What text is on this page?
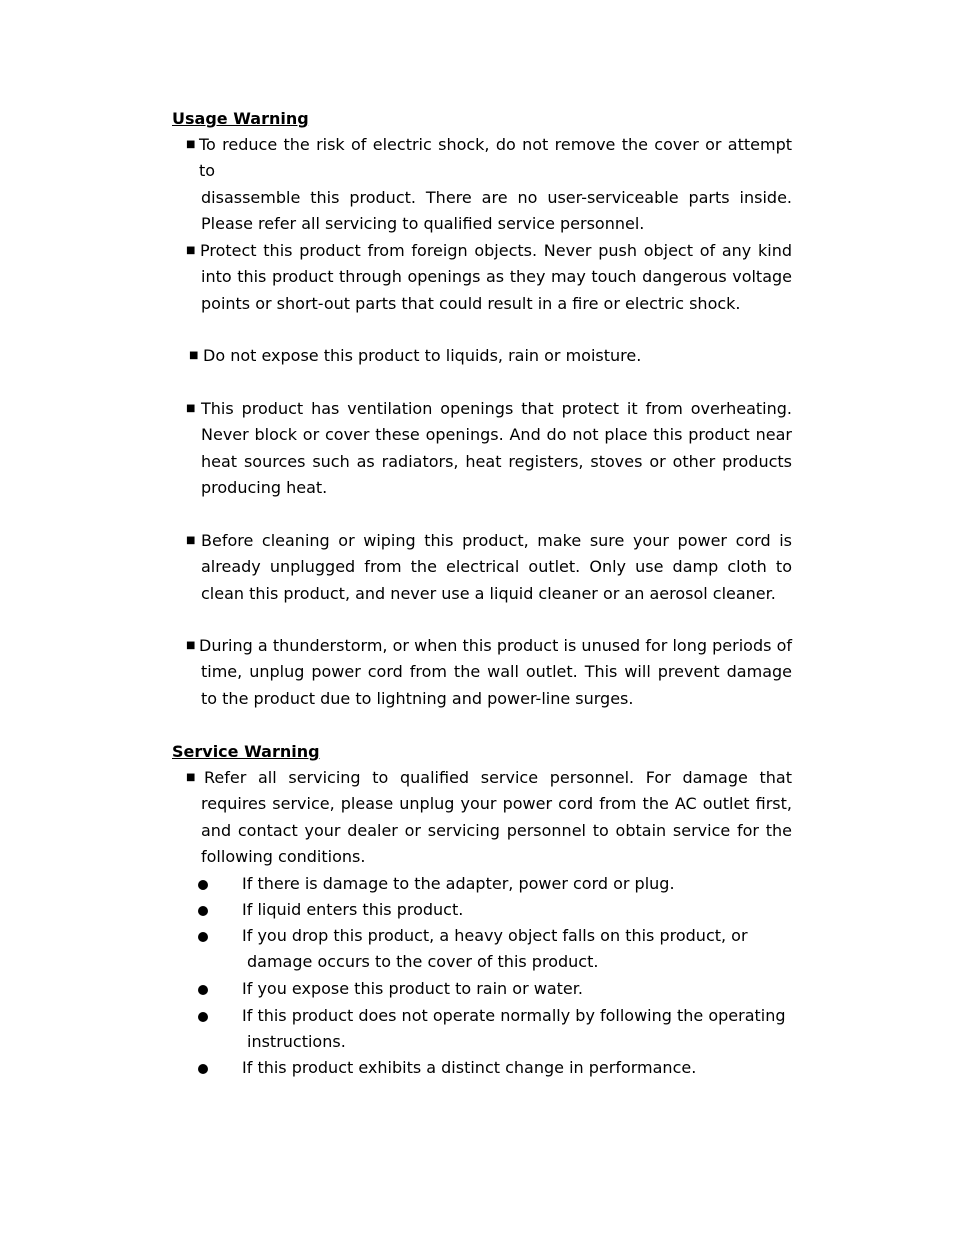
Usage Warning
■ To reduce the risk of electric shock, do not remove the cover or attempt to
disassemble this product. There are no user-serviceable parts inside.
Please refer all servicing to qualified service personnel.
■ Protect this product from foreign objects. Never push object of any kind
into this product through openings as they may touch dangerous voltage
points or short-out parts that could result in a fire or electric shock.
■ Do not expose this product to liquids, rain or moisture.
■ This product has ventilation openings that protect it from overheating.
Never block or cover these openings. And do not place this product near
heat sources such as radiators, heat registers, stoves or other products
producing heat.
■ Before cleaning or wiping this product, make sure your power cord is
already unplugged from the electrical outlet. Only use damp cloth to
clean this product, and never use a liquid cleaner or an aerosol cleaner.
■ During a thunderstorm, or when this product is unused for long periods of
time, unplug power cord from the wall outlet. This will prevent damage
to the product due to lightning and power-line surges.
Service Warning
■ Refer all servicing to qualified service personnel. For damage that
requires service, please unplug your power cord from the AC outlet first,
and contact your dealer or servicing personnel to obtain service for the
following conditions.
If there is damage to the adapter, power cord or plug.
If liquid enters this product.
If you drop this product, a heavy object falls on this product, or
damage occurs to the cover of this product.
If you expose this product to rain or water.
If this product does not operate normally by following the operating
instructions.
If this product exhibits a distinct change in performance.
